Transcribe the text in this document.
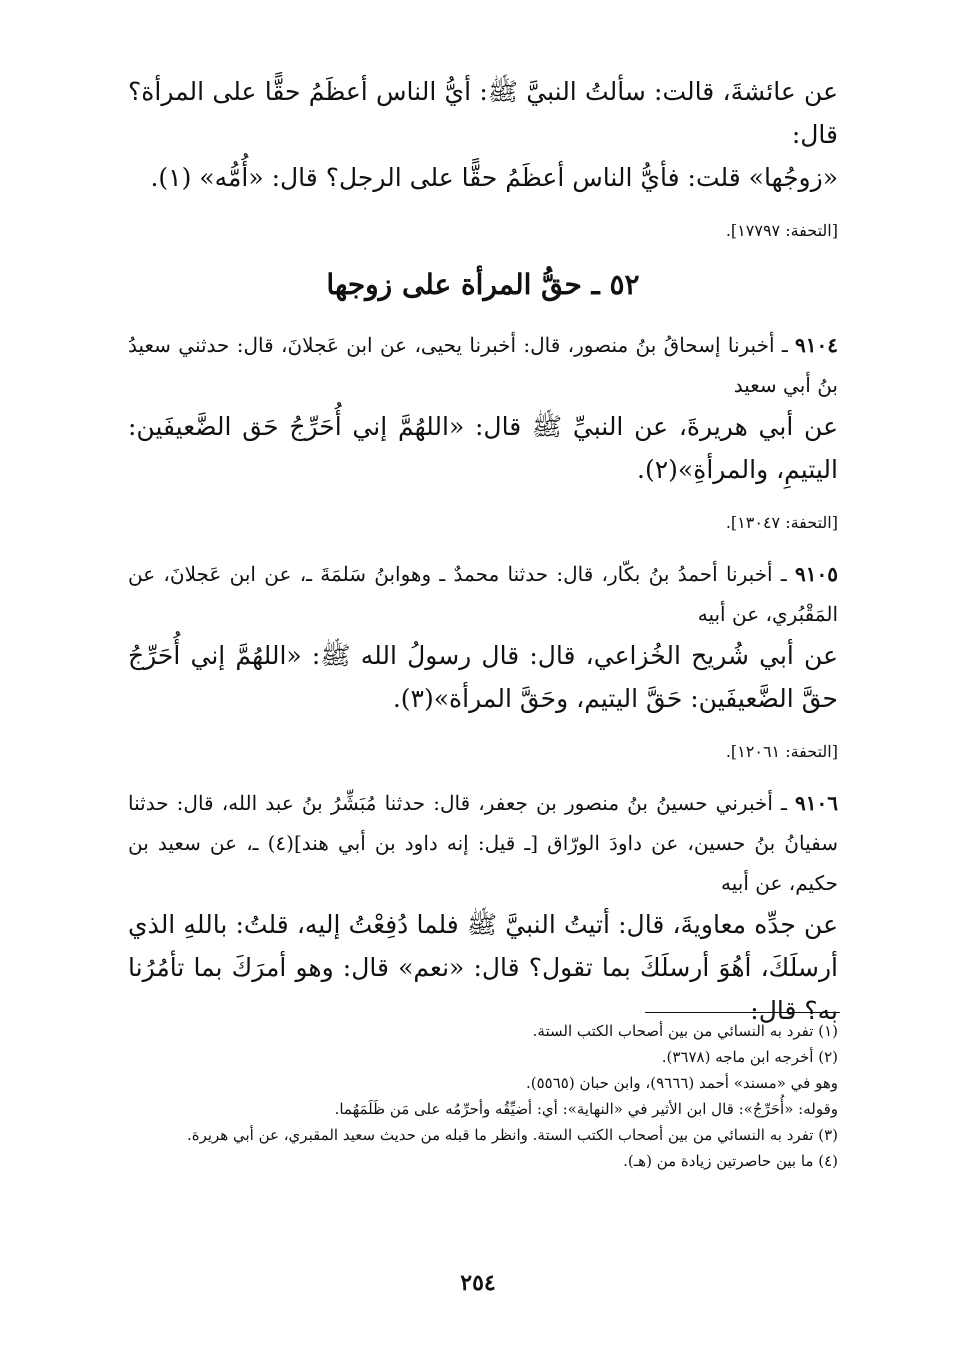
عن عائشةَ، قالت: سألتُ النبيَّ ﷺ: أيُّ الناس أعظَمُ حقًّا على المرأة؟ قال:
«زوجُها» قلت: فأيُّ الناس أعظَمُ حقًّا على الرجل؟ قال: «أُمُّه» (١).

[التحفة: ١٧٧٩٧].
٥٢ ـ حقُّ المرأة على زوجها

٩١٠٤ ـ أخبرنا إسحاقُ بنُ منصور، قال: أخبرنا يحيى، عن ابن عَجلانَ، قال: حدثني سعيدُ بنُ أبي سعيد

عن أبي هريرةَ، عن النبيِّ ﷺ قال: «اللهُمَّ إني أُحَرِّجُ حَق الضَّعيفَين: اليتيمِ، والمرأةِ»(٢).

[التحفة: ١٣٠٤٧].

٩١٠٥ ـ أخبرنا أحمدُ بنُ بكّار، قال: حدثنا محمدٌ ـ وهوابنُ سَلمَةَ ـ، عن ابن عَجلانَ، عن المَقْبُري، عن أبيه

عن أبي شُريح الخُزاعي، قال: قال رسولُ الله ﷺ: «اللهُمَّ إني أُحَرِّجُ حقَّ الضَّعيفَين: حَقَّ اليتيم، وحَقَّ المرأة»(٣).

[التحفة: ١٢٠٦١].

٩١٠٦ ـ أخبرني حسينُ بنُ منصور بن جعفر، قال: حدثنا مُبَشِّرُ بنُ عبد الله، قال: حدثنا سفيانُ بنُ حسين، عن داودَ الورّاق [ـ قيل: إنه داود بن أبي هند](٤) ـ، عن سعيد بن حكيم، عن أبيه

عن جدِّه معاويةَ، قال: أتيتُ النبيَّ ﷺ فلما دُفِعْتُ إليه، قلتُ: باللهِ الذي أرسلَكَ، أهُوَ أرسلَكَ بما تقول؟ قال: «نعم» قال: وهو أمرَكَ بما تأمُرُنا به؟ قال:

(١) تفرد به النسائي من بين أصحاب الكتب الستة.

(٢) أخرجه ابن ماجه (٣٦٧٨).

وهو في «مسند» أحمد (٩٦٦٦)، وابن حبان (٥٥٦٥).

وقوله: «أُحَرِّجُ»: قال ابن الأثير في «النهاية»: أي: أضيِّقُه وأحرِّمُه على مَن ظَلَمَهُما.

(٣) تفرد به النسائي من بين أصحاب الكتب الستة. وانظر ما قبله من حديث سعيد المقبري، عن أبي هريرة.

(٤) ما بين حاصرتين زيادة من (هـ).

٢٥٤
